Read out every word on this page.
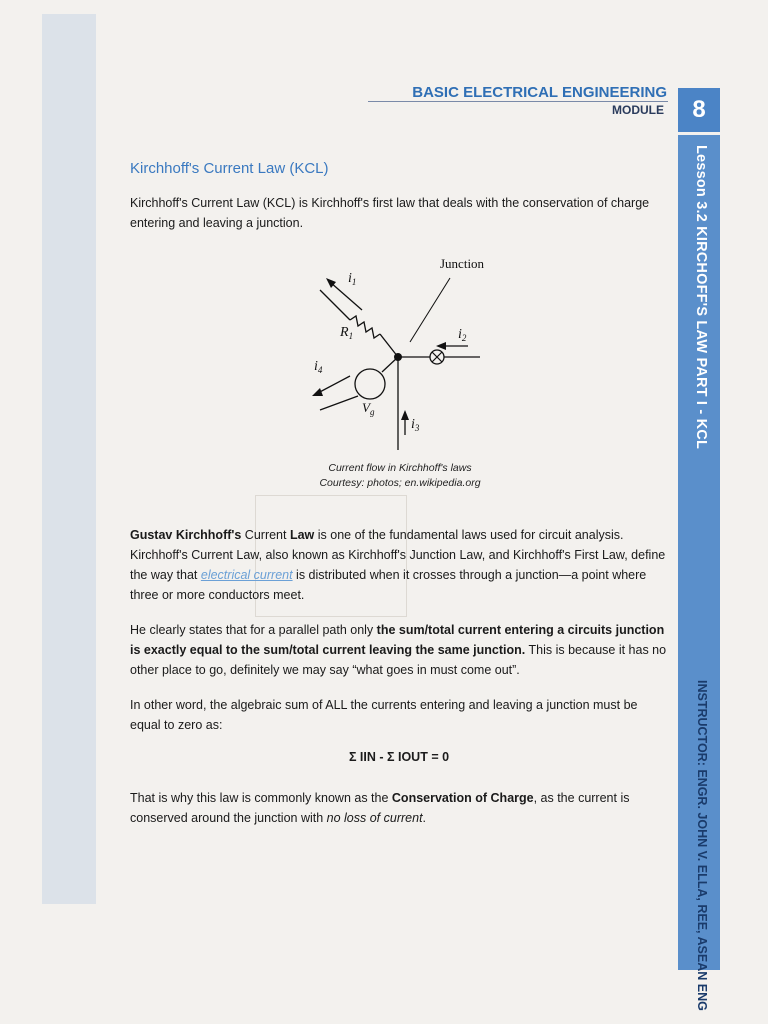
8
Lesson 3.2 KIRCHOFF'S LAW PART I - KCL
INSTRUCTOR: ENGR. JOHN V. ELLA, REE, ASEAN ENG
BASIC ELECTRICAL ENGINEERING
MODULE
Kirchhoff's Current Law (KCL)
Kirchhoff's Current Law (KCL) is Kirchhoff's first law that deals with the conservation of charge entering and leaving a junction.
Junction
$i_1$
$i_2$
$i_3$
$i_4$
$R_1$
$V_g$
Current flow in Kirchhoff's laws
Courtesy: photos; en.wikipedia.org
Gustav Kirchhoff's Current Law is one of the fundamental laws used for circuit analysis. Kirchhoff's Current Law, also known as Kirchhoff's Junction Law, and Kirchhoff's First Law, define the way that electrical current is distributed when it crosses through a junction—a point where three or more conductors meet.
He clearly states that for a parallel path only the sum/total current entering a circuits junction is exactly equal to the sum/total current leaving the same junction. This is because it has no other place to go, definitely we may say “what goes in must come out”.
In other word, the algebraic sum of ALL the currents entering and leaving a junction must be equal to zero as:
Σ IIN - Σ IOUT = 0
That is why this law is commonly known as the Conservation of Charge, as the current is conserved around the junction with no loss of current.
